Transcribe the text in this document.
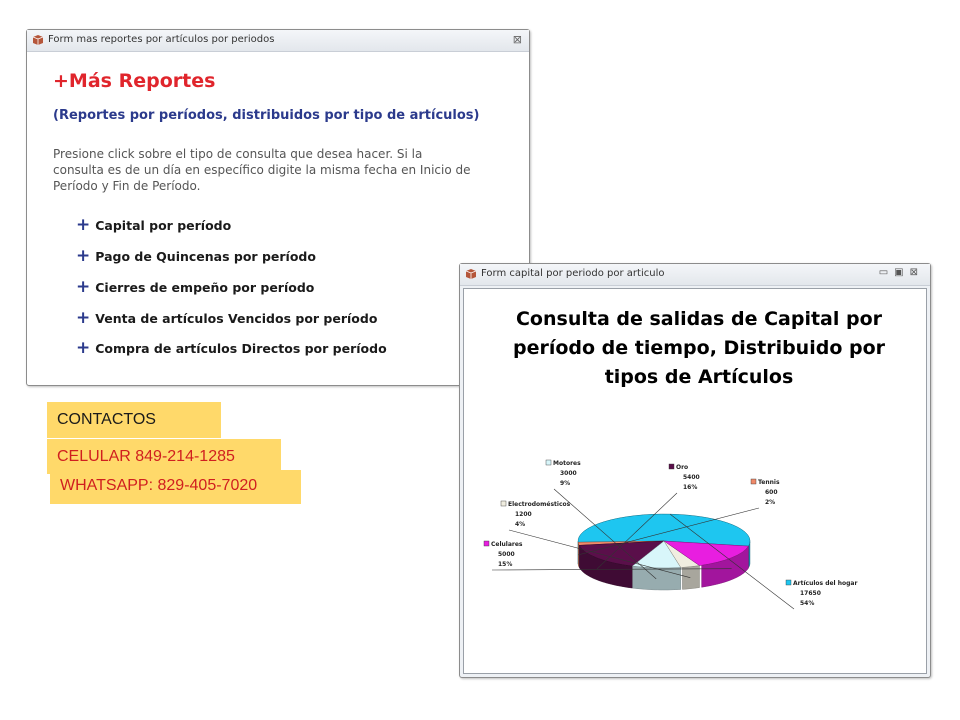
Form mas reportes por artículos por periodos	⊠
+Más Reportes
(Reportes por períodos, distribuidos por tipo de artículos)
Presione click sobre el tipo de consulta que desea hacer. Si la consulta es de un día en específico digite la misma fecha en Inicio de Período y Fin de Período.
+ Capital por período
+ Pago de Quincenas por período
+ Cierres de empeño por período
+ Venta de artículos Vencidos por período
+ Compra de artículos Directos por período
CONTACTOS
CELULAR 849-214-1285
WHATSAPP: 829-405-7020
Form capital por periodo por articulo	▭▣⊠
Consulta de salidas de Capital por
período de tiempo, Distribuido por
tipos de Artículos
Artículos del hogar
17650
54%
Tennis
600
2%
Oro
5400
16%
Motores
3000
9%
Electrodomésticos
1200
4%
Celulares
5000
15%
